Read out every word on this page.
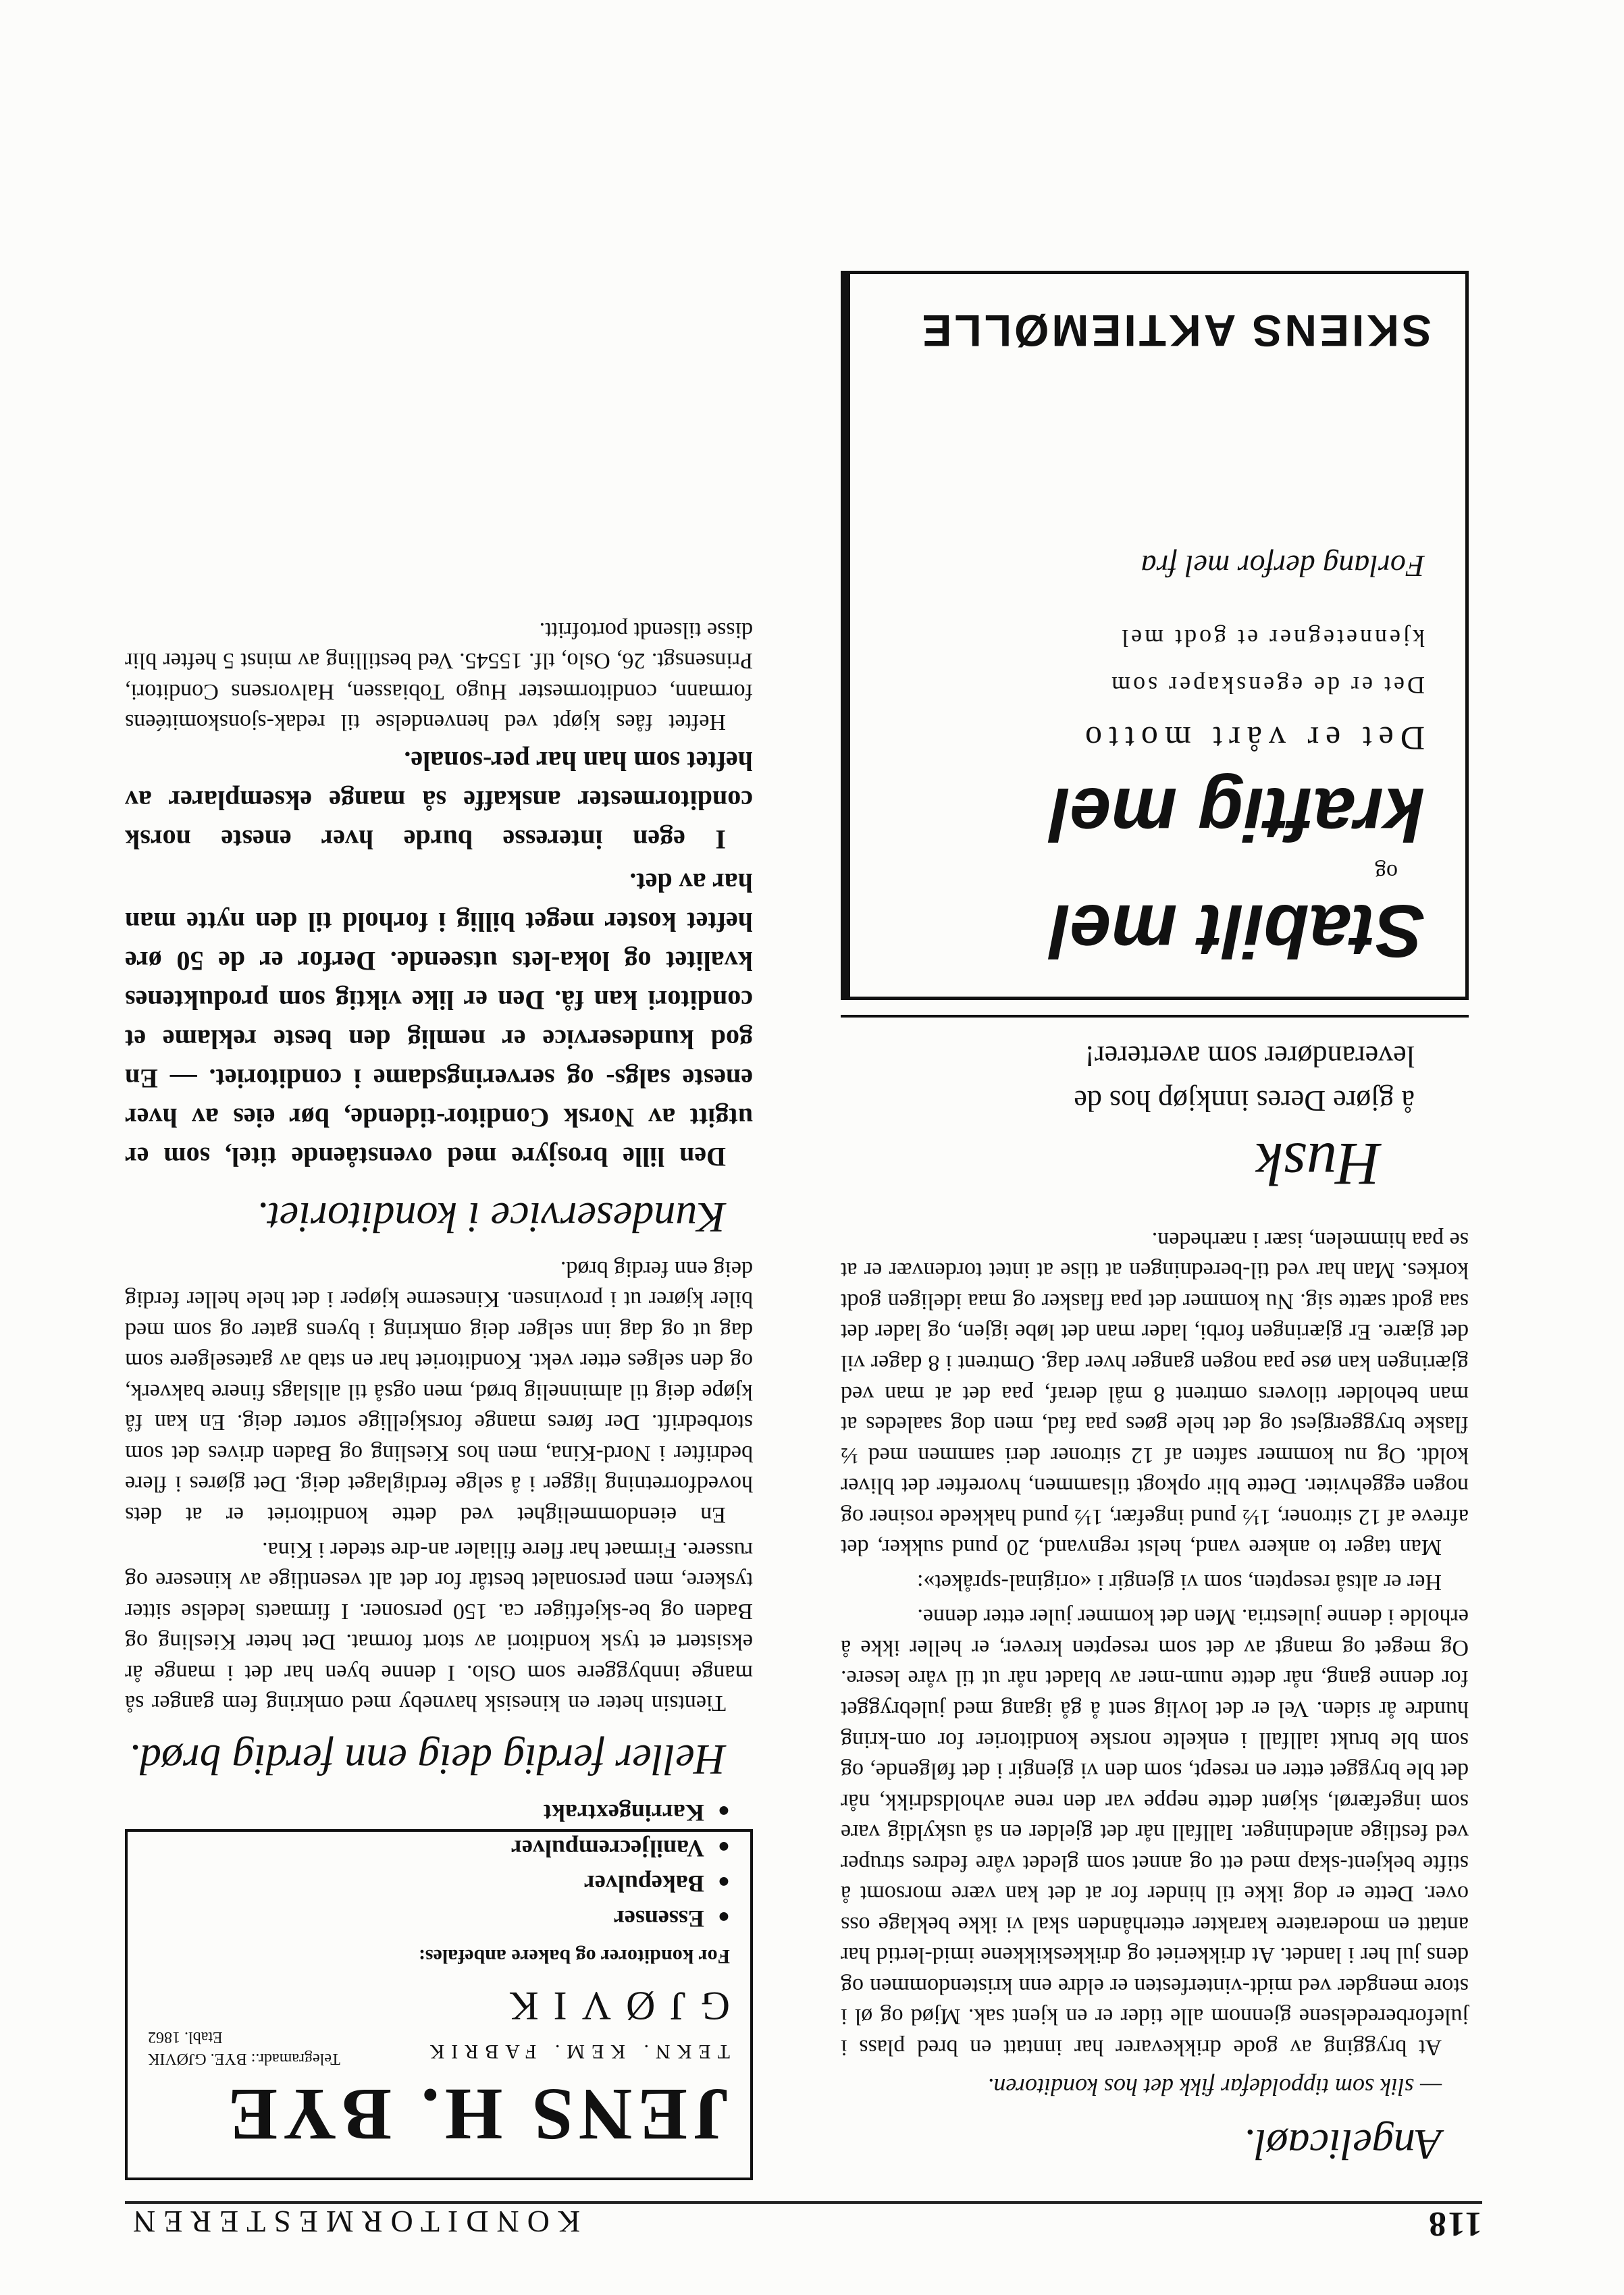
118
KONDITORMESTEREN
Angelicaøl.
— slik som tippoldefar fikk det hos konditoren.

At brygging av gode drikkevarer har inntatt en bred plass i juleforberedelsene gjennom alle tider er en kjent sak. Mjød og øl i store mengder ved midt-vinterfesten er eldre enn kristendommen og dens jul her i landet. At drikkeriet og drikkeskikkene imid-lertid har antatt en moderatere karakter etterhånden skal vi ikke beklage oss over. Dette er dog ikke til hinder for at det kan være morsomt å stifte bekjent-skap med ett og annet som gledet våre fedres struper ved festlige anledninger. Iallfall når det gjelder en så uskyldig vare som ingefærøl, skjønt dette neppe var den rene avholdsdrikk, når det ble brygget etter en resept, som den vi gjengir i det følgende, og som ble brukt iallfall i enkelte norske konditorier for om-kring hundre år siden. Vel er det lovlig sent å gå igang med julebrygget for denne gang, når dette num-mer av bladet når ut til våre lesere. Og meget og mangt av det som resepten krever, er heller ikke å erholde i denne julestria. Men det kommer juler etter denne.

Her er altså resepten, som vi gjengir i «original-språket»:

Man tager to ankere vand, helst regnvand, 20 pund sukker, det afreve af 12 sitroner, 1½ pund ingefær, 1½ pund hakkede rosiner og nogen eggehviter. Dette blir opkogt tilsammen, hvorefter det bliver koldt. Og nu kommer saften af 12 sitroner deri sammen med ½ flaske bryggergjest og det hele gøes paa fad, men dog saaledes at man beholder tilovers omtrent 8 mål deraf, paa det at man ved gjæringen kan øse paa nogen ganger hver dag. Omtrent i 8 dager vil det gjære. Er gjæringen forbi, lader man det løbe igjen, og lader det saa godt sætte sig. Nu kommer det paa flasker og maa ideligen godt korkes. Man har ved til-beredningen at tilse at intet tordenvær er at se paa himmelen, især i nærheden.

Husk
å gjøre Deres innkjøp hos de
leverandører som averterer!
Stabilt mel
og
kraftig mel
Det er vårt motto
Det er de egenskaper som
kjennetegner et godt mel
Forlang derfor mel fra
SKIENS AKTIEMØLLE
JENS H. BYE
TEKN. KEM. FABRIK
GJØVIK
Telegramadr.: BYE. GJØVIK
Etabl. 1862
For konditorer og bakere anbefales:
● Essenser
● Bakepulver
● Vaniljecrempulver
● Karringextrakt
Heller ferdig deig enn ferdig brød.

Tientsin heter en kinesisk havneby med omkring fem ganger så mange innbyggere som Oslo. I denne byen har det i mange år eksistert et tysk konditori av stort format. Det heter Kiesling og Baden og be-skjeftiger ca. 150 personer. I firmaets ledelse sitter tyskere, men personalet består for det alt vesentlige av kinesere og russere. Firmaet har flere filialer an-dre steder i Kina.

En eiendommelighet ved dette konditoriet er at dets hovedforretning ligger i å selge ferdiglaget deig. Det gjøres i flere bedrifter i Nord-Kina, men hos Kiesling og Baden drives det som storbedrift. Der føres mange forskjellige sorter deig. En kan få kjøpe deig til alminnelig brød, men også til allslags finere bakverk, og den selges etter vekt. Konditoriet har en stab av gateselgere som dag ut og dag inn selger deig omkring i byens gater og som med biler kjører ut i provinsen. Kineserne kjøper i det hele heller ferdig deig enn ferdig brød.

Kundeservice i konditoriet.

Den lille brosjyre med ovenstående titel, som er utgitt av Norsk Conditor-tidende, bør eies av hver eneste salgs- og serveringsdame i conditoriet. — En god kundeservice er nemlig den beste reklame et conditori kan få. Den er like viktig som produktenes kvalitet og loka-lets utseende. Derfor er de 50 øre heftet koster meget billig i forhold til den nytte man har av det.

I egen interesse burde hver eneste norsk conditormester anskaffe så mange eksemplarer av heftet som han har per-sonale.

Heftet fåes kjøpt ved henvendelse til redak-sjonskomitéens formann, conditormester Hugo Tobiassen, Halvorsens Conditori, Prinsensgt. 26, Oslo, tlf. 15545. Ved bestilling av minst 5 hefter blir disse tilsendt portofritt.
